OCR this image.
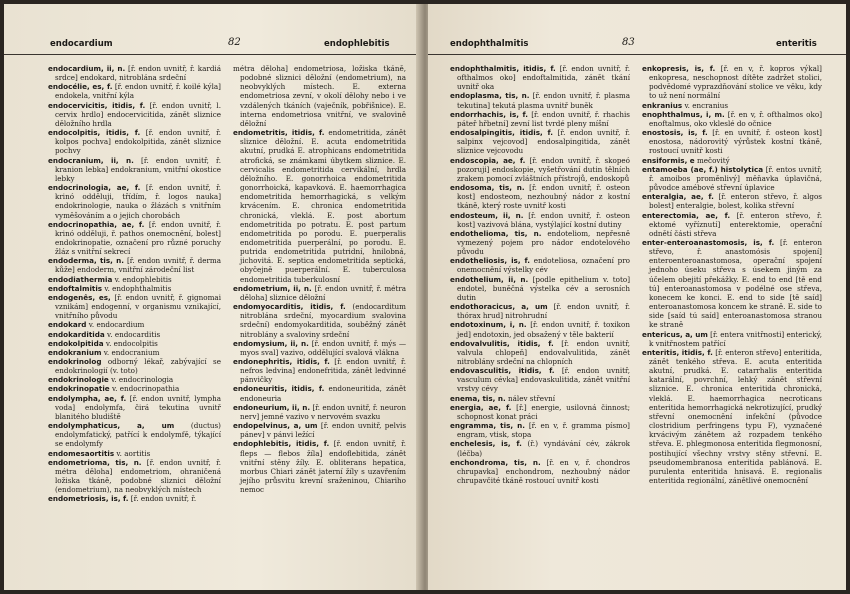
endocardium	82	endophlebitis

endocardium, ii, n. [ř. endon uvnitř, ř. kardiá srdce] endokard, nitroblána srdeční

endocélie, es, f. [ř. endon uvnitř, ř. koilé kýla] endokela, vnitřní kýla

endocervicitis, itidis, f. [ř. endon uvnitř, l. cervix hrdlo] endocervicitida, zánět sliznice děložního hrdla

endocolpitis, itidis, f. [ř. endon uvnitř, ř. kolpos pochva] endokolpitida, zánět sliznice pochvy

endocranium, ii, n. [ř. endon uvnitř, ř. kranion lebka] endokranium, vnitřní okostice lebky

endocrinologia, ae, f. [ř. endon uvnitř, ř. krinó odděluji, třídím, ř. logos nauka] endokrinologie, nauka o žlázách s vnitřním vyměšováním a o jejich chorobách

endocrinopathia, ae, f. [ř. endon uvnitř, ř. krinó odděluji, ř. pathos onemocnění, bolest] endokrinopatie, označení pro různé poruchy žláz s vnitřní sekrecí

endoderma, tis, n. [ř. endon uvnitř, ř. derma kůže] endoderm, vnitřní zárodeční list

endodiathermia v. endophlebitis

endoftalmitis v. endophthalmitis

endogenês, es, [ř. endon uvnitř, ř. gignomai vznikám] endogenní, v organismu vznikající, vnitřního původu

endokard v. endocardium

endokarditida v. endocarditis

endokolpitida v. endocolpitis

endokranium v. endocranium

endokrinolog odborný lékař, zabývající se endokrinologií (v. toto)

endokrinologie v. endocrinologia

endokrinopatie v. endocrinopathia

endolympha, ae, f. [ř. endon uvnitř, lympha voda] endolymfa, čirá tekutina uvnitř blanitého bludiště

endolymphaticus, a, um (ductus) endolymfatický, patřící k endolymfě, týkající se endolymfy

endomesaortitis v. aortitis

endometrioma, tis, n. [ř. endon uvnitř, ř. métra děloha] endometriom, ohraničená ložiska tkáně, podobné sliznici děložní (endometrium), na neobvyklých místech

endometriosis, is, f. [ř. endon uvnitř, ř.

métra děloha] endometriosa, ložiska tkáně, podobné sliznici děložní (endometrium), na neobvyklých místech. E. externa endometriosa zevní, v okolí dělohy nebo i ve vzdálených tkáních (vaječník, pobřišnice). E. interna endometriosa vnitřní, ve svalovině děložní

endometritis, itidis, f. endometritida, zánět sliznice děložní. E. acuta endometritida akutní, prudká E. atrophicans endometritida atrofická, se známkami úbytkem sliznice. E. cervicalis endometritida cervikální, hrdla děložního. E. gonorrhoica endometritida gonorrhoická, kapavková. E. haemorrhagica endometritida hemorrhagická, s velkým krvácením. E. chronica endometritida chronická, vleklá. E. post abortum endometritida po potratu. E. post partum endometritida po porodu. E. puerperalis endometritida puerperální, po porodu. E. putrida endometritida putridní, hnilobná, jichovitá. E. septica endometritida septická, obyčejně puerperální. E. tuberculosa endometritida tuberkulosní

endometrium, ii, n. [ř. endon uvnitř, ř. métra děloha] sliznice děložní

endomyocarditis, itidis, f. (endocarditum nitroblána srdeční, myocardium svalovina srdeční) endomyokarditida, souběžný zánět nitroblány a svaloviny srdeční

endomysium, ii, n. [ř. endon uvnitř, ř. mýs — myos sval] vazivo, oddělující svalová vlákna

endonephritis, itidis, f. [ř. endon uvnitř, ř. nefros ledvina] endonefritida, zánět ledvinné pánvičky

endoneuritis, itidis, f. endoneuritida, zánět endoneuria

endoneurium, ii, n. [ř. endon uvnitř, ř. neuron nerv] jemné vazivo v nervovém svazku

endopelvinus, a, um [ř. endon uvnitř, pelvis pánev] v pánvi ležící

endophlebitis, itidis, f. [ř. endon uvnitř, ř. fleps — flebos žíla] endoflebitida, zánět vnitřní stěny žíly. E. obliterans hepatica, morbus Chiari zánět jaterní žíly s uzavřením jejího průsvitu krevní sraženinou, Chiariho nemoc

endophthalmitis	83	enteritis

endophthalmitis, itidis, f. [ř. endon uvnitř, ř. ofthalmos oko] endoftalmitida, zánět tkání uvnitř oka

endoplasma, tis, n. [ř. endon uvnitř, ř. plasma tekutina] tekutá plasma uvnitř buněk

endorrhachis, is, f. [ř. endon uvnitř, ř. rhachis páteř hřbetní] zevní list tvrdé pleny míšní

endosalpingitis, itidis, f. [ř. endon uvnitř, ř. salpinx vejcovod] endosalpingitida, zánět sliznice vejcovodu

endoscopia, ae, f. [ř. endon uvnitř, ř. skopeó pozoruji] endoskopie, vyšetřování dutin tělních zrakem pomocí zvláštních přístrojů, endoskopů

endosoma, tis, n. [ř. endon uvnitř, ř. osteon kost] endosteom, nezhoubný nádor z kostní tkáně, který roste uvnitř kosti

endosteum, ii, n. [ř. endon uvnitř, ř. osteon kost] vazivová blána, vystýlající kostní dutiny

endothelioma, tis, n. endoteliom, nepřesně vymezený pojem pro nádor endotelového původu

endotheliosis, is, f. endoteliosa, označení pro onemocnění výstelky cév

endothelium, ii, n. [podle epithelium v. toto] endotel, buněčná výstelka cév a serosních dutin

endothoracicus, a, um [ř. endon uvnitř, ř. thórax hrud] nitrohrudní

endotoxinum, i, n. [ř. endon uvnitř, ř. toxikon jed] endotoxin, jed obsažený v těle bakterií

endovalvulitis, itidis, f. [ř. endon uvnitř, valvula chlopeň] endovalvulitida, zánět nitroblány srdeční na chlopních

endovasculitis, itidis, f. [ř. endon uvnitř, vasculum cévka] endovaskulitida, zánět vnitřní vrstvy cévy

enema, tis, n. nálev střevní

energia, ae, f. [ř.] energie, usilovná činnost; schopnost konat práci

engramma, tis, n. [ř. en v, ř. gramma písmo] engram, vtisk, stopa

enchelesis, is, f. (ř.) vyndávání cév, zákrok (léčba)

enchondroma, tis, n. [ř. en v, ř. chondros chrupavka] enchondrom, nezhoubný nádor chrupavčité tkáně rostoucí uvnitř kosti

enkopresis, is, f. [ř. en v, ř. kopros výkal] enkopresa, neschopnost dítěte zadržet stolici, podvědomé vyprazdňování stolice ve věku, kdy to už není normální

enkranius v. encranius

enophthalmus, i, m. [ř. en v, ř. ofthalmos oko] enoftalmus, oko vkleslé do očnice

enostosis, is, f. [ř. en uvnitř, ř. osteon kost] enostosa, nádorovitý výrůstek kostní tkáně, rostoucí uvnitř kosti

ensiformis, e mečovitý

entamoeba (ae, f.) histolytica [ř. entos uvnitř, ř. amoibos proměnlivý] měňavka úplavičná, původce amébové střevní úplavice

enteralgia, ae, f. [ř. enteron střevo, ř. algos bolest] enteralgie, bolest, kolika střevní

enterectomia, ae, f. [ř. enteron střevo, ř. ektomé vyříznutí] enterektomie, operační odnětí části střeva

enter-enteroanastomosis, is, f. [ř. enteron střevo, ř. anastomósis spojení] enteroenteroanastomosa, operační spojení jednoho úseku střeva s úsekem jiným za účelem obejití překážky. E. end to end [tě end tú] enteroanastomosa v podélné ose střeva, konecem ke konci. E. end to side [tě saíd] enteroanastomosa koncem ke straně. E. side to side [saíd tú saíd] enteroanastomosa stranou ke straně

entericus, a, um [ř. entera vnitřnosti] enterický, k vnitřnostem patřící

enteritis, itidis, f. [ř. enteron střevo] enteritida, zánět tenkého střeva. E. acuta enteritida akutní, prudká. E. catarrhalis enteritida katarální, povrchní, lehký zánět střevní sliznice. E. chronica enteritida chronická, vleklá. E. haemorrhagica necroticans enteritida hemorrhagická nekrotizující, prudký střevní onemocnění infekční (původce clostridium perfringens typu F), vyznačené krvácivým zánětem až rozpadem tenkého střeva. E. phlegmonosa enteritida flegmonosní, postihující všechny vrstvy stěny střevní. E. pseudomembranosa enteritida pablánová. E. purulenta enteritida hnisavá. E. regionalis enteritida regionální, zánětlivé onemocnění
